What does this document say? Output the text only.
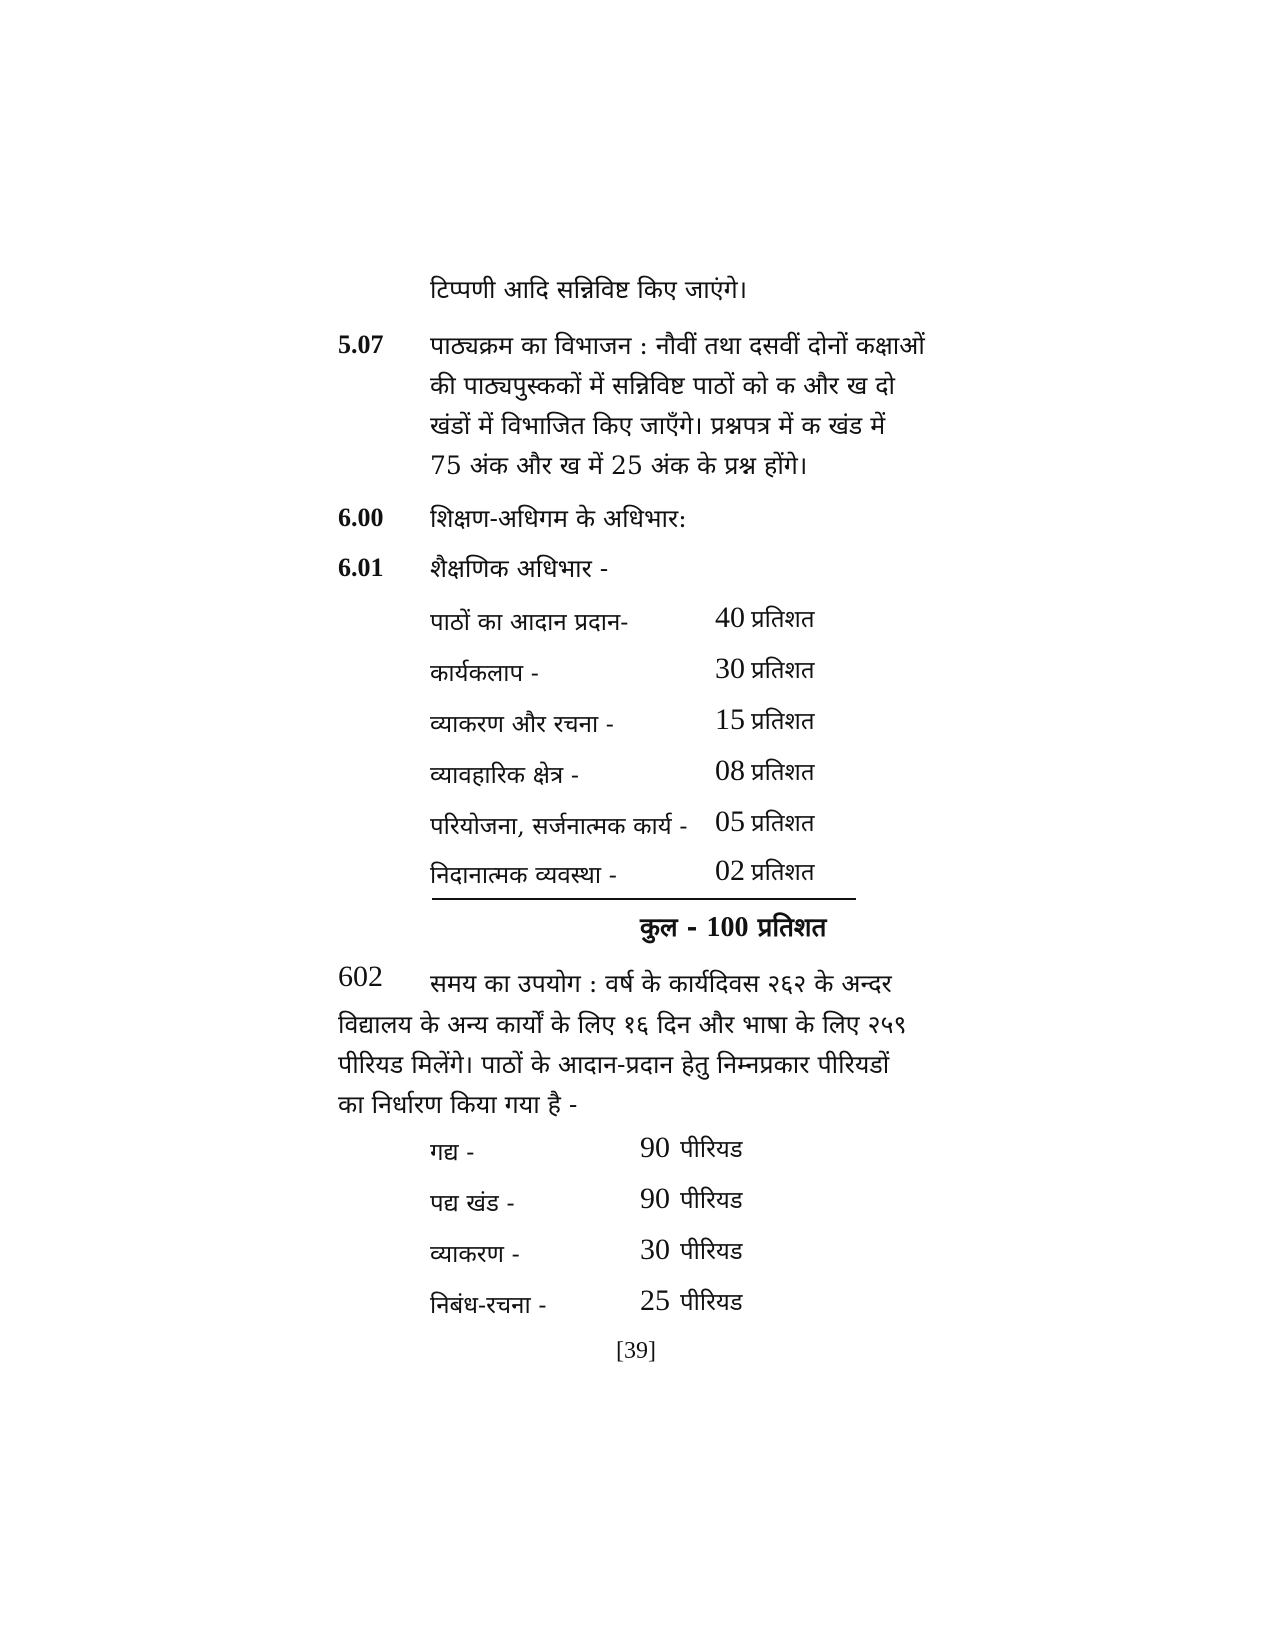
टिप्पणी आदि सन्निविष्ट किए जाएंगे।
5.07 पाठ्यक्रम का विभाजन : नौवीं तथा दसवीं दोनों कक्षाओं
की पाठ्यपुस्ककों में सन्निविष्ट पाठों को क और ख दो
खंडों में विभाजित किए जाएँगे। प्रश्नपत्र में क खंड में
75 अंक और ख में 25 अंक के प्रश्न होंगे।
6.00 शिक्षण-अधिगम के अधिभार:
6.01 शैक्षणिक अधिभार -
पाठों का आदान प्रदान-	40 प्रतिशत
कार्यकलाप -	30 प्रतिशत
व्याकरण और रचना -	15 प्रतिशत
व्यावहारिक क्षेत्र -	08 प्रतिशत
परियोजना, सर्जनात्मक कार्य - 05 प्रतिशत
निदानात्मक व्यवस्था -	02 प्रतिशत
कुल - 100 प्रतिशत
602 समय का उपयोग : वर्ष के कार्यदिवस २६२ के अन्दर
विद्यालय के अन्य कार्यों के लिए १६ दिन और भाषा के लिए २५९
पीरियड मिलेंगे। पाठों के आदान-प्रदान हेतु निम्नप्रकार पीरियडों
का निर्धारण किया गया है -
गद्य -	90 पीरियड
पद्य खंड -	90 पीरियड
व्याकरण -	30 पीरियड
निबंध-रचना -	25 पीरियड
[39]
